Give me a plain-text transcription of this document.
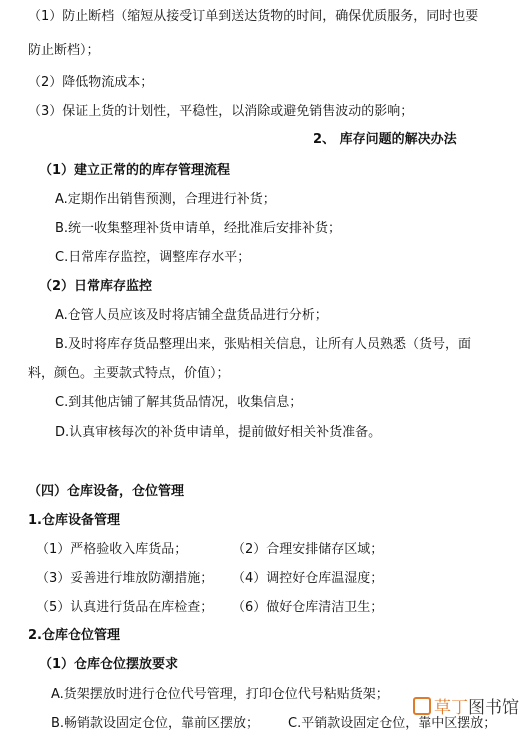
（1）防止断档（缩短从接受订单到送达货物的时间，确保优质服务，同时也要
防止断档）；
（2）降低物流成本；
（3）保证上货的计划性，平稳性，以消除或避免销售波动的影响；
2、 库存问题的解决办法
（1）建立正常的的库存管理流程
A.定期作出销售预测，合理进行补货；
B.统一收集整理补货申请单，经批准后安排补货；
C.日常库存监控，调整库存水平；
（2）日常库存监控
A.仓管人员应该及时将店铺全盘货品进行分析；
B.及时将库存货品整理出来，张贴相关信息，让所有人员熟悉（货号，面
料，颜色。主要款式特点，价值）；
C.到其他店铺了解其货品情况，收集信息；
D.认真审核每次的补货申请单，提前做好相关补货准备。
（四）仓库设备，仓位管理
1.仓库设备管理
（1）严格验收入库货品；	（2）合理安排储存区域；
（3）妥善进行堆放防潮措施； （4）调控好仓库温湿度；
（5）认真进行货品在库检查； （6）做好仓库清洁卫生；
2.仓库仓位管理
（1）仓库仓位摆放要求
A.货架摆放时进行仓位代号管理，打印仓位代号粘贴货架；
B.畅销款设固定仓位，靠前区摆放； C.平销款设固定仓位，靠中区摆放；
草丁图书馆
